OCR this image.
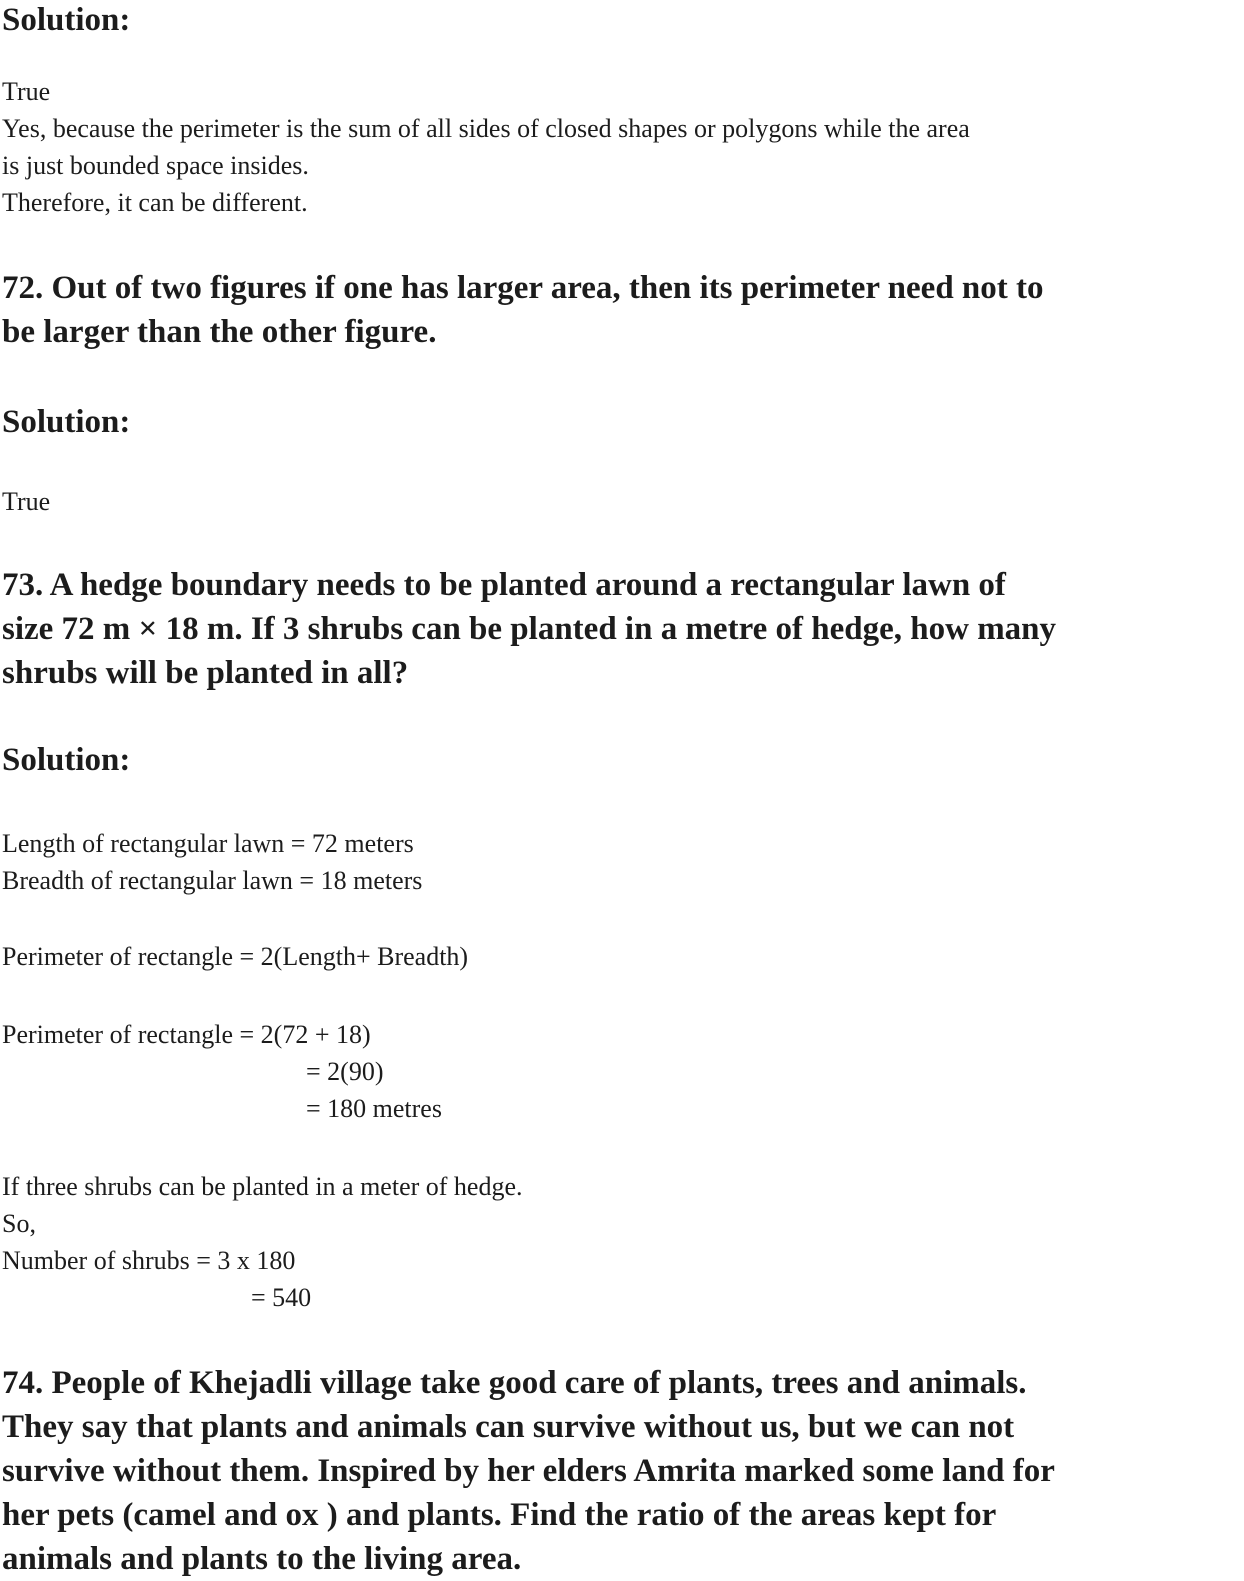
Solution:
True
Yes, because the perimeter is the sum of all sides of closed shapes or polygons while the area
is just bounded space insides.
Therefore, it can be different.
72. Out of two figures if one has larger area, then its perimeter need not to
be larger than the other figure.
Solution:
True
73. A hedge boundary needs to be planted around a rectangular lawn of
size 72 m × 18 m. If 3 shrubs can be planted in a metre of hedge, how many
shrubs will be planted in all?
Solution:
Length of rectangular lawn = 72 meters
Breadth of rectangular lawn = 18 meters
Perimeter of rectangle = 2(Length+ Breadth)
Perimeter of rectangle = 2(72 + 18)
= 2(90)
= 180 metres
If three shrubs can be planted in a meter of hedge.
So,
Number of shrubs = 3 x 180
= 540
74. People of Khejadli village take good care of plants, trees and animals.
They say that plants and animals can survive without us, but we can not
survive without them. Inspired by her elders Amrita marked some land for
her pets (camel and ox ) and plants. Find the ratio of the areas kept for
animals and plants to the living area.
